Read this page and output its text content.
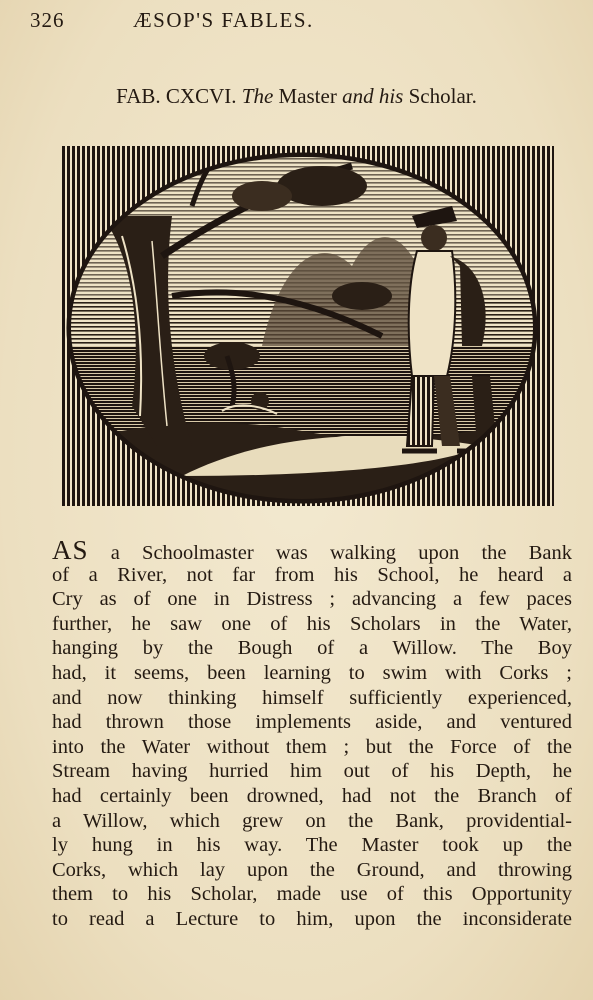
326	ÆSOP'S FABLES.
FAB. CXCVI. The Master and his Scholar.
AS a Schoolmaster was walking upon the Bank
of a River, not far from his School, he heard a
Cry as of one in Distress ; advancing a few paces
further, he saw one of his Scholars in the Water,
hanging by the Bough of a Willow. The Boy
had, it seems, been learning to swim with Corks ;
and now thinking himself sufficiently experienced,
had thrown those implements aside, and ventured
into the Water without them ; but the Force of the
Stream having hurried him out of his Depth, he
had certainly been drowned, had not the Branch of
a Willow, which grew on the Bank, providential-
ly hung in his way. The Master took up the
Corks, which lay upon the Ground, and throwing
them to his Scholar, made use of this Opportunity
to read a Lecture to him, upon the inconsiderate
